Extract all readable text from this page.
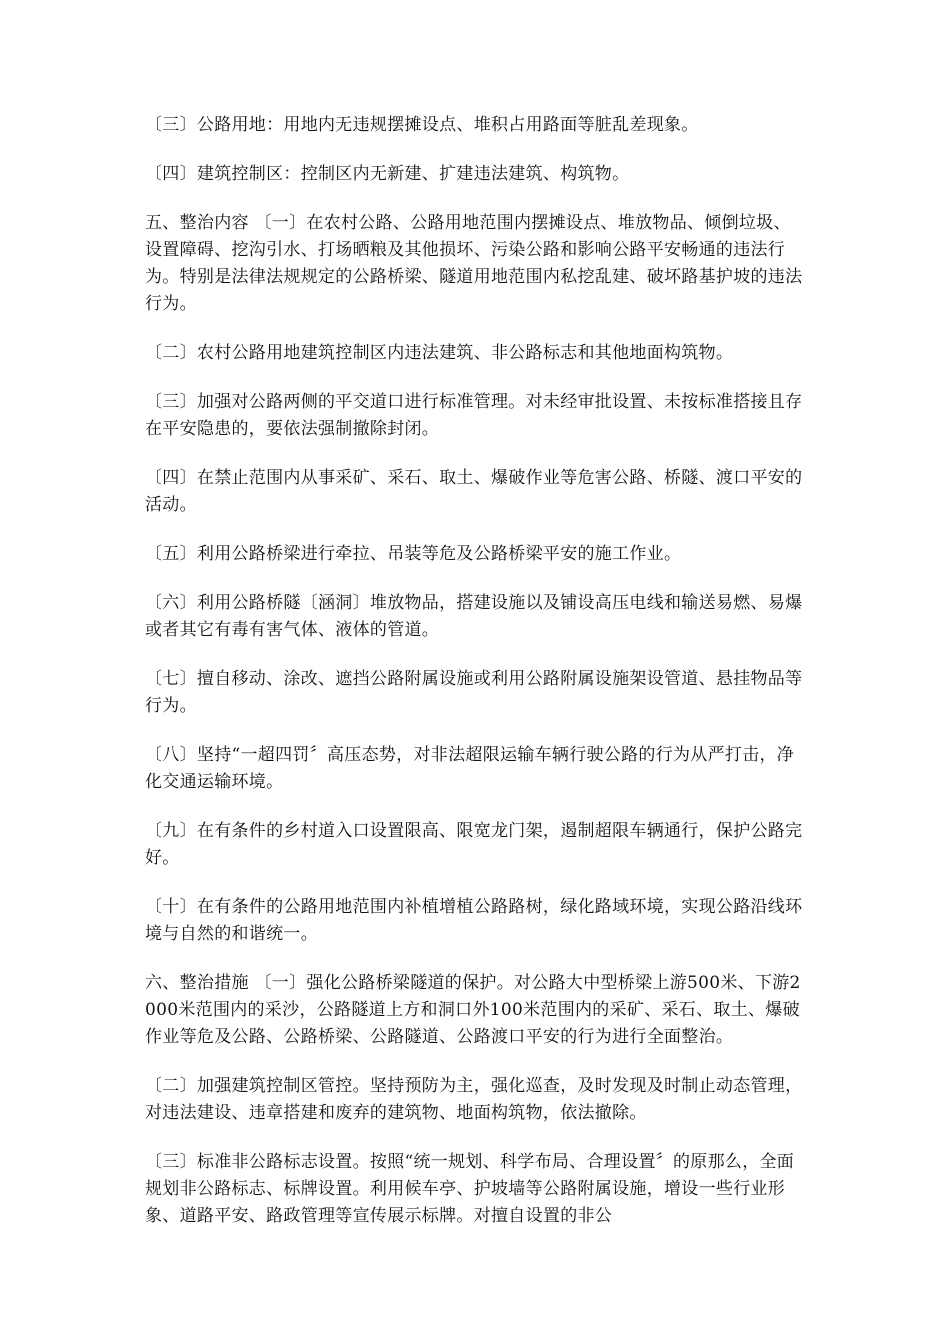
〔三〕公路用地：用地内无违规摆摊设点、堆积占用路面等脏乱差现象。

〔四〕建筑控制区：控制区内无新建、扩建违法建筑、构筑物。

五、整治内容 〔一〕在农村公路、公路用地范围内摆摊设点、堆放物品、倾倒垃圾、设置障碍、挖沟引水、打场晒粮及其他损坏、污染公路和影响公路平安畅通的违法行为。特别是法律法规规定的公路桥梁、隧道用地范围内私挖乱建、破坏路基护坡的违法行为。

〔二〕农村公路用地建筑控制区内违法建筑、非公路标志和其他地面构筑物。

〔三〕加强对公路两侧的平交道口进行标准管理。对未经审批设置、未按标准搭接且存在平安隐患的，要依法强制撤除封闭。

〔四〕在禁止范围内从事采矿、采石、取土、爆破作业等危害公路、桥隧、渡口平安的活动。

〔五〕利用公路桥梁进行牵拉、吊装等危及公路桥梁平安的施工作业。

〔六〕利用公路桥隧〔涵洞〕堆放物品，搭建设施以及铺设高压电线和输送易燃、易爆或者其它有毒有害气体、液体的管道。

〔七〕擅自移动、涂改、遮挡公路附属设施或利用公路附属设施架设管道、悬挂物品等行为。

〔八〕坚持“一超四罚〞高压态势，对非法超限运输车辆行驶公路的行为从严打击，净化交通运输环境。

〔九〕在有条件的乡村道入口设置限高、限宽龙门架，遏制超限车辆通行，保护公路完好。

〔十〕在有条件的公路用地范围内补植增植公路路树，绿化路域环境，实现公路沿线环境与自然的和谐统一。

六、整治措施 〔一〕强化公路桥梁隧道的保护。对公路大中型桥梁上游500米、下游2000米范围内的采沙，公路隧道上方和洞口外100米范围内的采矿、采石、取土、爆破作业等危及公路、公路桥梁、公路隧道、公路渡口平安的行为进行全面整治。

〔二〕加强建筑控制区管控。坚持预防为主，强化巡查，及时发现及时制止动态管理，对违法建设、违章搭建和废弃的建筑物、地面构筑物，依法撤除。

〔三〕标准非公路标志设置。按照“统一规划、科学布局、合理设置〞的原那么，全面规划非公路标志、标牌设置。利用候车亭、护坡墙等公路附属设施，增设一些行业形象、道路平安、路政管理等宣传展示标牌。对擅自设置的非公
